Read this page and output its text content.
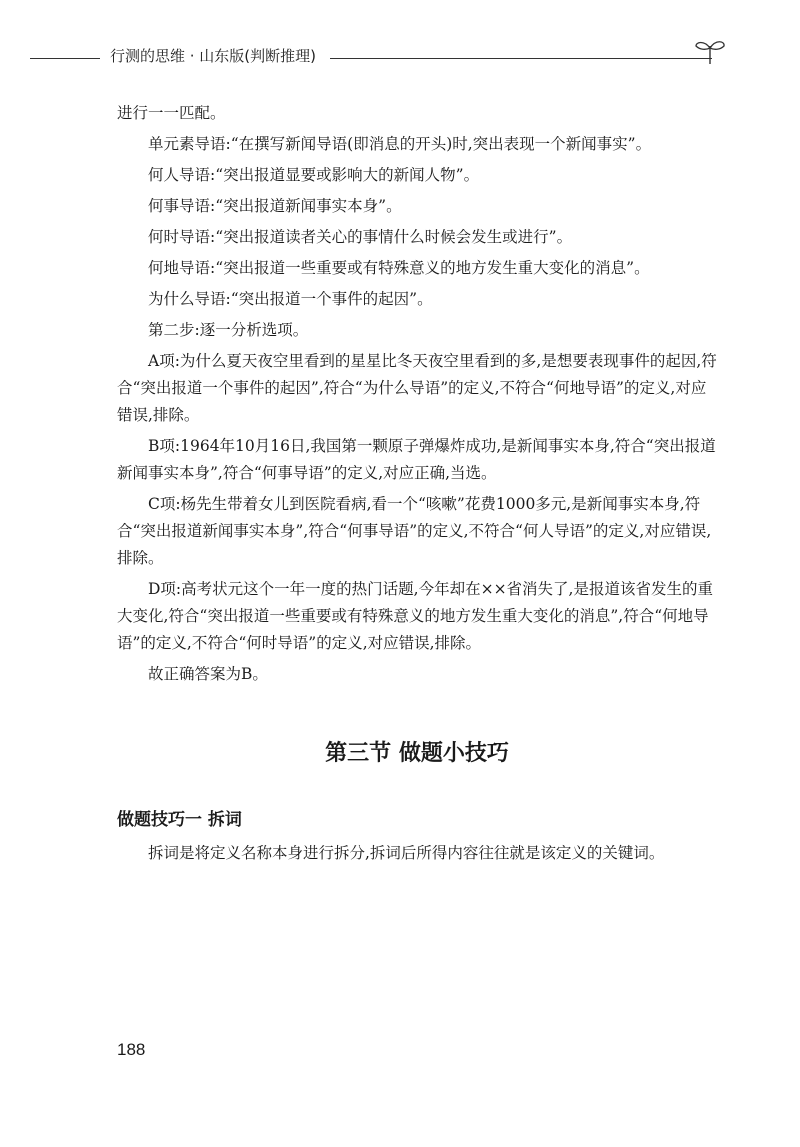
行测的思维 · 山东版(判断推理)

进行一一匹配。

单元素导语:“在撰写新闻导语(即消息的开头)时,突出表现一个新闻事实”。

何人导语:“突出报道显要或影响大的新闻人物”。

何事导语:“突出报道新闻事实本身”。

何时导语:“突出报道读者关心的事情什么时候会发生或进行”。

何地导语:“突出报道一些重要或有特殊意义的地方发生重大变化的消息”。

为什么导语:“突出报道一个事件的起因”。

第二步:逐一分析选项。

A项:为什么夏天夜空里看到的星星比冬天夜空里看到的多,是想要表现事件的起因,符合“突出报道一个事件的起因”,符合“为什么导语”的定义,不符合“何地导语”的定义,对应错误,排除。

B项:1964年10月16日,我国第一颗原子弹爆炸成功,是新闻事实本身,符合“突出报道新闻事实本身”,符合“何事导语”的定义,对应正确,当选。

C项:杨先生带着女儿到医院看病,看一个“咳嗽”花费1000多元,是新闻事实本身,符合“突出报道新闻事实本身”,符合“何事导语”的定义,不符合“何人导语”的定义,对应错误,排除。

D项:高考状元这个一年一度的热门话题,今年却在××省消失了,是报道该省发生的重大变化,符合“突出报道一些重要或有特殊意义的地方发生重大变化的消息”,符合“何地导语”的定义,不符合“何时导语”的定义,对应错误,排除。

故正确答案为B。

第三节 做题小技巧
做题技巧一 拆词

拆词是将定义名称本身进行拆分,拆词后所得内容往往就是该定义的关键词。

188
